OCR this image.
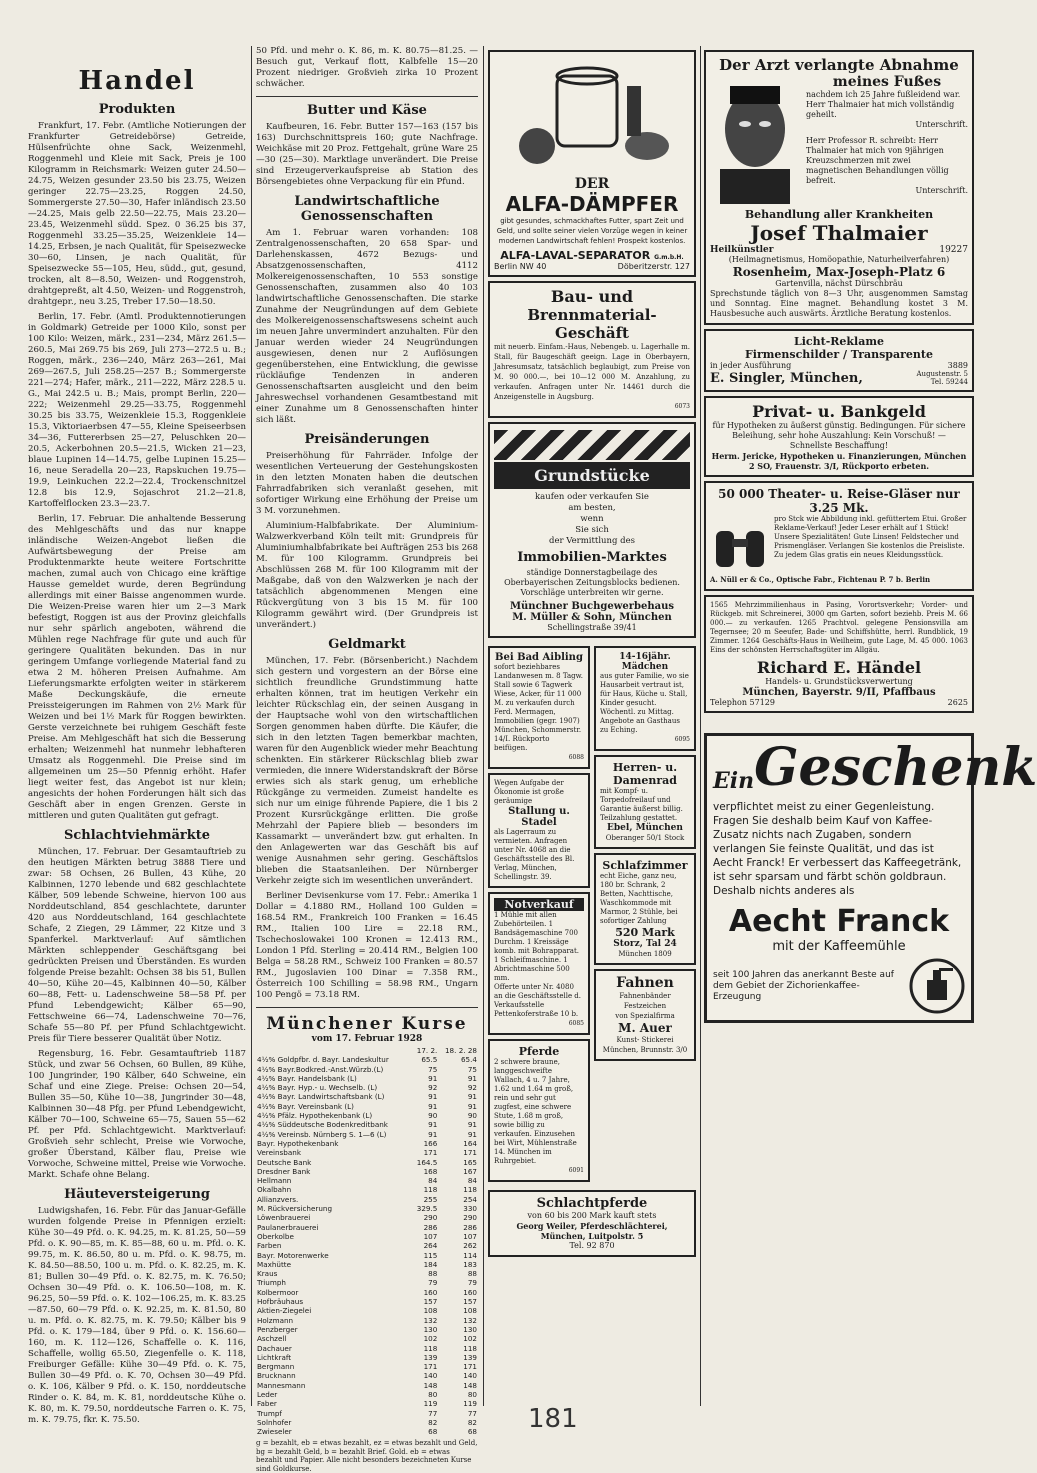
Handel
Produkten

Frankfurt, 17. Febr. (Amtliche Notierungen der Frankfurter Getreidebörse) Getreide, Hülsenfrüchte ohne Sack, Weizenmehl, Roggenmehl und Kleie mit Sack, Preis je 100 Kilogramm in Reichsmark: Weizen guter 24.50—24.75, Weizen gesunder 23.50 bis 23.75, Weizen geringer 22.75—23.25, Roggen 24.50, Sommergerste 27.50—30, Hafer inländisch 23.50—24.25, Mais gelb 22.50—22.75, Mais 23.20—23.45, Weizenmehl südd. Spez. 0 36.25 bis 37, Roggenmehl 33.25—35.25, Weizenkleie 14—14.25, Erbsen, je nach Qualität, für Speisezwecke 30—60, Linsen, je nach Qualität, für Speisezwecke 55—105, Heu, südd., gut, gesund, trocken, alt 8—8.50, Weizen- und Roggenstroh, drahtgepreßt, alt 4.50, Weizen- und Roggenstroh, drahtgepr., neu 3.25, Treber 17.50—18.50.

Berlin, 17. Febr. (Amtl. Produktennotierungen in Goldmark) Getreide per 1000 Kilo, sonst per 100 Kilo: Weizen, märk., 231—234, März 261.5—260.5, Mai 269.75 bis 269, Juli 273—272.5 u. B.; Roggen, märk., 236—240, März 263—261, Mai 269—267.5, Juli 258.25—257 B.; Sommergerste 221—274; Hafer, märk., 211—222, März 228.5 u. G., Mai 242.5 u. B.; Mais, prompt Berlin, 220—222; Weizenmehl 29.25—33.75, Roggenmehl 30.25 bis 33.75, Weizenkleie 15.3, Roggenkleie 15.3, Viktoriaerbsen 47—55, Kleine Speiseerbsen 34—36, Futtererbsen 25—27, Peluschken 20—20.5, Ackerbohnen 20.5—21.5, Wicken 21—23, blaue Lupinen 14—14.75, gelbe Lupinen 15.25—16, neue Seradella 20—23, Rapskuchen 19.75—19.9, Leinkuchen 22.2—22.4, Trockenschnitzel 12.8 bis 12.9, Sojaschrot 21.2—21.8, Kartoffelflocken 23.3—23.7.

Berlin, 17. Februar. Die anhaltende Besserung des Mehlgeschäfts und das nur knappe inländische Weizen-Angebot ließen die Aufwärtsbewegung der Preise am Produktenmarkte heute weitere Fortschritte machen, zumal auch von Chicago eine kräftige Hausse gemeldet wurde, deren Begründung allerdings mit einer Baisse angenommen wurde. Die Weizen-Preise waren hier um 2—3 Mark befestigt, Roggen ist aus der Provinz gleichfalls nur sehr spärlich angeboten, während die Mühlen rege Nachfrage für gute und auch für geringere Qualitäten bekunden. Das in nur geringem Umfange vorliegende Material fand zu etwa 2 M. höheren Preisen Aufnahme. Am Lieferungsmarkte erfolgten weiter in stärkerem Maße Deckungskäufe, die erneute Preissteigerungen im Rahmen von 2½ Mark für Weizen und bei 1½ Mark für Roggen bewirkten. Gerste verzeichnete bei ruhigem Geschäft feste Preise. Am Mehlgeschäft hat sich die Besserung erhalten; Weizenmehl hat nunmehr lebhafteren Umsatz als Roggenmehl. Die Preise sind im allgemeinen um 25—50 Pfennig erhöht. Hafer liegt weiter fest, das Angebot ist nur klein; angesichts der hohen Forderungen hält sich das Geschäft aber in engen Grenzen. Gerste in mittleren und guten Qualitäten gut gefragt.

Schlachtviehmärkte

München, 17. Februar. Der Gesamtauftrieb zu den heutigen Märkten betrug 3888 Tiere und zwar: 58 Ochsen, 26 Bullen, 43 Kühe, 20 Kalbinnen, 1270 lebende und 682 geschlachtete Kälber, 509 lebende Schweine, hiervon 100 aus Norddeutschland, 854 geschlachtete, darunter 420 aus Norddeutschland, 164 geschlachtete Schafe, 2 Ziegen, 29 Lämmer, 22 Kitze und 3 Spanferkel. Marktverlauf: Auf sämtlichen Märkten schleppender Geschäftsgang bei gedrückten Preisen und Überständen. Es wurden folgende Preise bezahlt: Ochsen 38 bis 51, Bullen 40—50, Kühe 20—45, Kalbinnen 40—50, Kälber 60—88, Fett- u. Ladenschweine 58—58 Pf. per Pfund Lebendgewicht; Kälber 65—90, Fettschweine 66—74, Ladenschweine 70—76, Schafe 55—80 Pf. per Pfund Schlachtgewicht. Preis für Tiere besserer Qualität über Notiz.

Regensburg, 16. Febr. Gesamtauftrieb 1187 Stück, und zwar 56 Ochsen, 60 Bullen, 89 Kühe, 100 Jungrinder, 190 Kälber, 640 Schweine, ein Schaf und eine Ziege. Preise: Ochsen 20—54, Bullen 35—50, Kühe 10—38, Jungrinder 30—48, Kalbinnen 30—48 Pfg. per Pfund Lebendgewicht, Kälber 70—100, Schweine 65—75, Sauen 55—62 Pf. per Pfd. Schlachtgewicht. Marktverlauf: Großvieh sehr schlecht, Preise wie Vorwoche, großer Überstand, Kälber flau, Preise wie Vorwoche, Schweine mittel, Preise wie Vorwoche. Markt. Schafe ohne Belang.

Häuteversteigerung

Ludwigshafen, 16. Febr. Für das Januar-Gefälle wurden folgende Preise in Pfennigen erzielt: Kühe 30—49 Pfd. o. K. 94.25, m. K. 81.25, 50—59 Pfd. o. K. 90—85, m. K. 85—88, 60 u. m. Pfd. o. K. 99.75, m. K. 86.50, 80 u. m. Pfd. o. K. 98.75, m. K. 84.50—88.50, 100 u. m. Pfd. o. K. 82.25, m. K. 81; Bullen 30—49 Pfd. o. K. 82.75, m. K. 76.50; Ochsen 30—49 Pfd. o. K. 106.50—108, m. K. 96.25, 50—59 Pfd. o. K. 102—106.25, m. K. 83.25—87.50, 60—79 Pfd. o. K. 92.25, m. K. 81.50, 80 u. m. Pfd. o. K. 82.75, m. K. 79.50; Kälber bis 9 Pfd. o. K. 179—184, über 9 Pfd. o. K. 156.60—160, m. K. 112—126, Schaffelle o. K. 116, Schaffelle, wollig 65.50, Ziegenfelle o. K. 118, Freiburger Gefälle: Kühe 30—49 Pfd. o. K. 75, Bullen 30—49 Pfd. o. K. 70, Ochsen 30—49 Pfd. o. K. 106, Kälber 9 Pfd. o. K. 150, norddeutsche Rinder o. K. 84, m. K. 81, norddeutsche Kühe o. K. 80, m. K. 79.50, norddeutsche Farren o. K. 75, m. K. 79.75, fkr. K. 75.50.

50 Pfd. und mehr o. K. 86, m. K. 80.75—81.25. — Besuch gut, Verkauf flott, Kalbfelle 15—20 Prozent niedriger. Großvieh zirka 10 Prozent schwächer.

Butter und Käse

Kaufbeuren, 16. Febr. Butter 157—163 (157 bis 163) Durchschnittspreis 160; gute Nachfrage. Weichkäse mit 20 Proz. Fettgehalt, grüne Ware 25—30 (25—30). Marktlage unverändert. Die Preise sind Erzeugerverkaufspreise ab Station des Börsengebietes ohne Verpackung für ein Pfund.

Landwirtschaftliche Genossenschaften

Am 1. Februar waren vorhanden: 108 Zentralgenossenschaften, 20 658 Spar- und Darlehenskassen, 4672 Bezugs- und Absatzgenossenschaften, 4112 Molkereigenossenschaften, 10 553 sonstige Genossenschaften, zusammen also 40 103 landwirtschaftliche Genossenschaften. Die starke Zunahme der Neugründungen auf dem Gebiete des Molkereigenossenschaftswesens scheint auch im neuen Jahre unvermindert anzuhalten. Für den Januar werden wieder 24 Neugründungen ausgewiesen, denen nur 2 Auflösungen gegenüberstehen, eine Entwicklung, die gewisse rückläufige Tendenzen in anderen Genossenschaftsarten ausgleicht und den beim Jahreswechsel vorhandenen Gesamtbestand mit einer Zunahme um 8 Genossenschaften hinter sich läßt.

Preisänderungen

Preiserhöhung für Fahrräder. Infolge der wesentlichen Verteuerung der Gestehungskosten in den letzten Monaten haben die deutschen Fahrradfabriken sich veranlaßt gesehen, mit sofortiger Wirkung eine Erhöhung der Preise um 3 M. vorzunehmen.

Aluminium-Halbfabrikate. Der Aluminium-Walzwerkverband Köln teilt mit: Grundpreis für Aluminiumhalbfabrikate bei Aufträgen 253 bis 268 M. für 100 Kilogramm. Grundpreis bei Abschlüssen 268 M. für 100 Kilogramm mit der Maßgabe, daß von den Walzwerken je nach der tatsächlich abgenommenen Mengen eine Rückvergütung von 3 bis 15 M. für 100 Kilogramm gewährt wird. (Der Grundpreis ist unverändert.)

Geldmarkt

München, 17. Febr. (Börsenbericht.) Nachdem sich gestern und vorgestern an der Börse eine sichtlich freundliche Grundstimmung hatte erhalten können, trat im heutigen Verkehr ein leichter Rückschlag ein, der seinen Ausgang in der Hauptsache wohl von den wirtschaftlichen Sorgen genommen haben dürfte. Die Käufer, die sich in den letzten Tagen bemerkbar machten, waren für den Augenblick wieder mehr Beachtung schenkten. Ein stärkerer Rückschlag blieb zwar vermieden, die innere Widerstandskraft der Börse erwies sich als stark genug, um erhebliche Rückgänge zu vermeiden. Zumeist handelte es sich nur um einige führende Papiere, die 1 bis 2 Prozent Kursrückgänge erlitten. Die große Mehrzahl der Papiere blieb — besonders im Kassamarkt — unverändert bzw. gut erhalten. In den Anlagewerten war das Geschäft bis auf wenige Ausnahmen sehr gering. Geschäftslos blieben die Staatsanleihen. Der Nürnberger Verkehr zeigte sich im wesentlichen unverändert.

Berliner Devisenkurse vom 17. Febr.: Amerika 1 Dollar = 4.1880 RM., Holland 100 Gulden = 168.54 RM., Frankreich 100 Franken = 16.45 RM., Italien 100 Lire = 22.18 RM., Tschechoslowakei 100 Kronen = 12.413 RM., London 1 Pfd. Sterling = 20.414 RM., Belgien 100 Belga = 58.28 RM., Schweiz 100 Franken = 80.57 RM., Jugoslavien 100 Dinar = 7.358 RM., Österreich 100 Schilling = 58.98 RM., Ungarn 100 Pengö = 73.18 RM.

Münchener Kurse
vom 17. Februar 1928
	17. 2.	18. 2. 28
4½% Goldpfbr. d. Bayr. Landeskultur	65.5	65.4
4½% Bayr.Bodkred.-Anst.Würzb.(L)	75	75
4½% Bayr. Handelsbank (L)	91	91
4½% Bayr. Hyp.- u. Wechselb. (L)	92	92
4½% Bayr. Landwirtschaftsbank (L)	91	91
4½% Bayr. Vereinsbank (L)	91	91
4½% Pfälz. Hypothekenbank (L)	90	90
4½% Süddeutsche Bodenkreditbank	91	91
4½% Vereinsb. Nürnberg S. 1—6 (L)	91	91
Bayr. Hypothekenbank	166	164
Vereinsbank	171	171
Deutsche Bank	164.5	165
Dresdner Bank	168	167
Hellmann	84	84
Okalbahn	118	118
Allianzvers.	255	254
M. Rückversicherung	329.5	330
Löwenbrauerei	290	290
Paulanerbrauerei	286	286
Oberkolbe	107	107
Farben	264	262
Bayr. Motorenwerke	115	114
Maxhütte	184	183
Kraus	88	88
Triumph	79	79
Kolbermoor	160	160
Hofbräuhaus	157	157
Aktien-Ziegelei	108	108
Holzmann	132	132
Penzberger	130	130
Aschzell	102	102
Dachauer	118	118
Lichtkraft	139	139
Bergmann	171	171
Brucknann	140	140
Mannesmann	148	148
Leder	80	80
Faber	119	119
Trumpf	77	77
Solnhofer	82	82
Zwieseler	68	68

g = bezahlt, eb = etwas bezahlt, ez = etwas bezahlt und Geld, bg = bezahlt Geld, b = bezahlt Brief. Gold. eb = etwas bezahlt und Papier. Alle nicht besonders bezeichneten Kurse sind Goldkurse.

DER
ALFA-DÄMPFER
gibt gesundes, schmackhaftes Futter, spart Zeit und Geld, und sollte seiner vielen Vorzüge wegen in keiner modernen Landwirtschaft fehlen! Prospekt kostenlos.
ALFA-LAVAL-SEPARATOR G.m.b.H.
Berlin NW 40	Döberitzerstr. 127
Bau- und
Brennmaterial-Geschäft
mit neuerb. Einfam.-Haus, Nebengeb. u. Lagerhalle m. Stall, für Baugeschäft geeign. Lage in Oberbayern, Jahresumsatz, tatsächlich beglaubigt, zum Preise von M. 90 000.—, bei 10—12 000 M. Anzahlung, zu verkaufen. Anfragen unter Nr. 14461 durch die Anzeigenstelle in Augsburg.
6073
Grundstücke
kaufen oder verkaufen Sie
am besten,
wenn
Sie sich
der Vermittlung des
Immobilien-Marktes
ständige Donnerstagbeilage des
Oberbayerischen Zeitungsblocks bedienen.
Vorschläge unterbreiten wir gerne.
Münchner Buchgewerbehaus
M. Müller & Sohn, München
Schellingstraße 39/41
Bei Bad Aibling
sofort beziehbares Landanwesen m. 8 Tagw. Stall sowie 6 Tagwerk Wiese, Acker, für 11 000 M. zu verkaufen durch Ferd. Mermagen, Immobilien (gegr. 1907) München, Schommerstr. 14/I. Rückporto beifügen.
6088
Wegen Aufgabe der Ökonomie ist große geräumige
Stallung u. Stadel
als Lagerraum zu vermieten. Anfragen unter Nr. 4068 an die Geschäftsstelle des Bl. Verlag, München, Schellingstr. 39.
Notverkauf
1 Mühle mit allen Zubehörteilen. 1 Bandsägemaschine 700 Durchm. 1 Kreissäge komb. mit Bohrapparat. 1 Schleifmaschine. 1 Abrichtmaschine 500 mm.
Offerte unter Nr. 4080 an die Geschäftsstelle d. Verkaufsstelle Pettenkoferstraße 10 b.
6085
Pferde
2 schwere braune, langgeschweifte Wallach, 4 u. 7 Jahre, 1.62 und 1.64 m groß, rein und sehr gut zugfest, eine schwere Stute, 1.68 m groß, sowie billig zu verkaufen. Einzusehen bei Wirt, Mühlenstraße 14. München im Ruhrgebiet.
6091
14-16jähr. Mädchen
aus guter Familie, wo sie Hausarbeit vertraut ist, für Haus, Küche u. Stall, Kinder gesucht. Wöchentl. zu Mittag. Angebote an Gasthaus zu Eching.
6095
Herren- u. Damenrad
mit Kompf- u. Torpedofreilauf und Garantie äußerst billig. Teilzahlung gestattet.
Ebel, München
Oberanger 50/1 Stock
Schlafzimmer
echt Eiche, ganz neu, 180 br. Schrank, 2 Betten, Nachttische, Waschkommode mit Marmor, 2 Stühle, bei sofortiger Zahlung
520 Mark
Storz, Tal 24
München 1809
Fahnen
Fahnenbänder
Festzeichen
von Spezialfirma
M. Auer
Kunst- Stickerei
München, Brunnstr. 3/0
Schlachtpferde
von 60 bis 200 Mark kauft stets
Georg Weiler, Pferdeschlächterei, München, Luitpolstr. 5
Tel. 92 870
Der Arzt verlangte Abnahme
meines Fußes
nachdem ich 25 Jahre fußleidend war. Herr Thalmaier hat mich vollständig geheilt.
Unterschrift.
Herr Professor R. schreibt: Herr Thalmaier hat mich von 9jährigen Kreuzschmerzen mit zwei magnetischen Behandlungen völlig befreit.
Unterschrift.
Behandlung aller Krankheiten
Josef Thalmaier
Heilkünstler	19227
(Heilmagnetismus, Homöopathie, Naturheilverfahren)
Rosenheim, Max-Joseph-Platz 6
Gartenvilla, nächst Dürschbräu
Sprechstunde täglich von 8—3 Uhr, ausgenommen Samstag und Sonntag. Eine magnet. Behandlung kostet 3 M. Hausbesuche auch auswärts. Ärztliche Beratung kostenlos.
Licht-Reklame
Firmenschilder / Transparente
in jeder Ausführung	3889
E. Singler, München,	Augustenstr. 5
Tel. 59244
Privat- u. Bankgeld
für Hypotheken zu äußerst günstig. Bedingungen. Für sichere Beleihung, sehr hohe Auszahlung: Kein Vorschuß! — Schnellste Beschaffung!
Herm. Jericke, Hypotheken u. Finanzierungen, München 2 SO, Frauenstr. 3/I, Rückporto erbeten.
50 000 Theater- u. Reise-Gläser nur 3.25 Mk.
pro Stck wie Abbildung inkl. gefüttertem Etui. Großer Reklame-Verkauf! Jeder Leser erhält auf 1 Stück! Unsere Spezialitäten! Gute Linsen! Feldstecher und Prismengläser. Verlangen Sie kostenlos die Preisliste. Zu jedem Glas gratis ein neues Kleidungsstück.
A. Nüll er & Co., Optische Fabr., Fichtenau P. 7 b. Berlin
1565 Mehrzimmilienhaus in Pasing, Vorortsverkehr; Vorder- und Rückgeb. mit Schreinerei, 3000 qm Garten, sofort beziehb. Preis M. 66 000.— zu verkaufen. 1265 Prachtvol. gelegene Pensionsvilla am Tegernsee; 20 m Seeufer, Bade- und Schiffshütte, herrl. Rundblick, 19 Zimmer. 1264 Geschäfts-Haus in Weilheim, gute Lage, M. 45 000. 1063 Eins der schönsten Herrschaftsgüter im Allgäu.
Richard E. Händel
Handels- u. Grundstücksverwertung
München, Bayerstr. 9/II, Pfaffbaus
Telephon 57129	2625
Ein Geschenk
verpflichtet meist zu einer Gegenleistung. Fragen Sie deshalb beim Kauf von Kaffee-Zusatz nichts nach Zugaben, sondern verlangen Sie feinste Qualität, und das ist Aecht Franck! Er verbessert das Kaffeegetränk, ist sehr sparsam und färbt schön goldbraun. Deshalb nichts anderes als
Aecht Franck
mit der Kaffeemühle
seit 100 Jahren das anerkannt Beste auf dem Gebiet der Zichorienkaffee-Erzeugung
181
